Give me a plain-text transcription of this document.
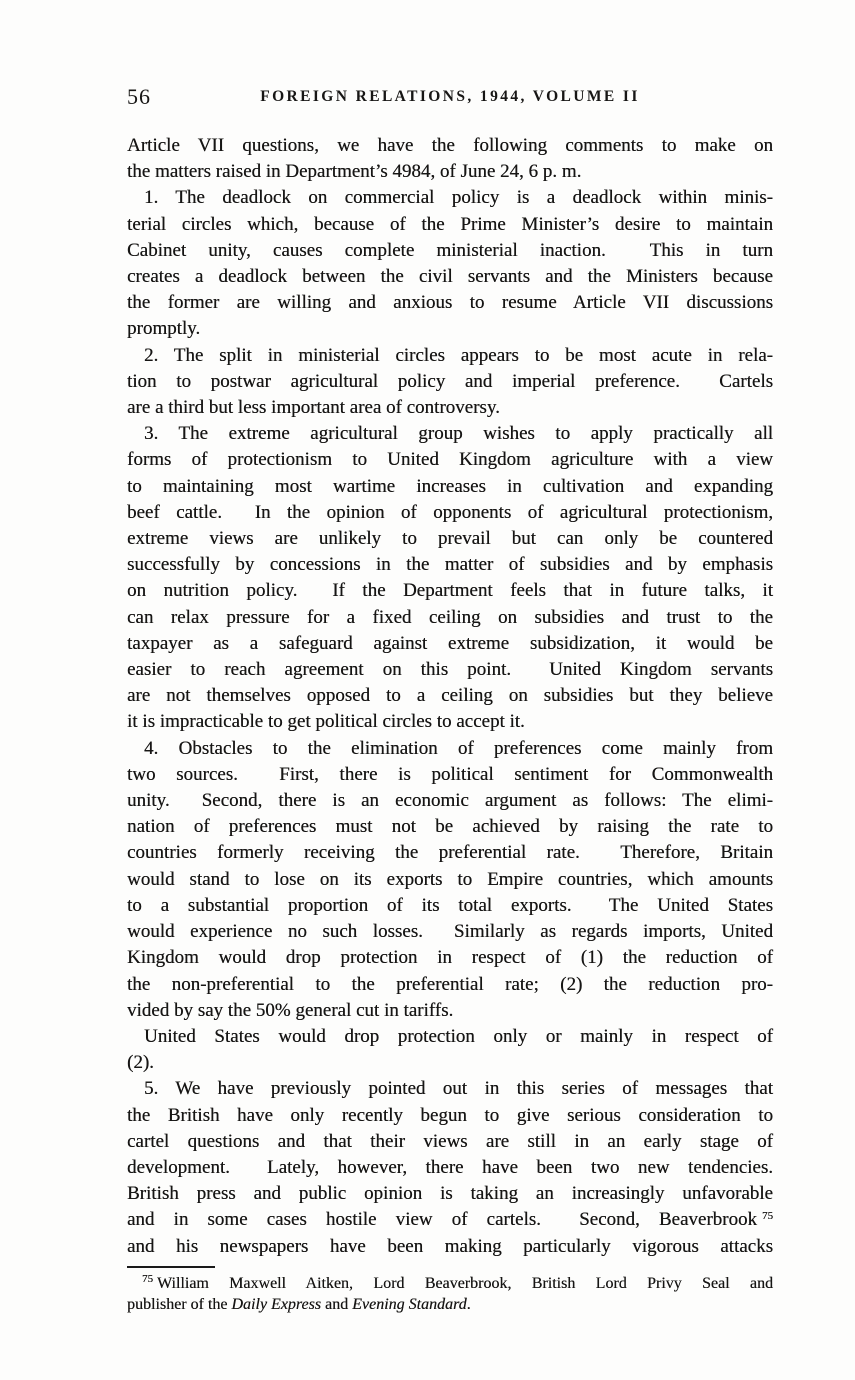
56	FOREIGN RELATIONS, 1944, VOLUME II
Article VII questions, we have the following comments to make on
the matters raised in Department’s 4984, of June 24, 6 p. m.
1. The deadlock on commercial policy is a deadlock within minis-
terial circles which, because of the Prime Minister’s desire to maintain
Cabinet unity, causes complete ministerial inaction.  This in turn
creates a deadlock between the civil servants and the Ministers because
the former are willing and anxious to resume Article VII discussions
promptly.
2. The split in ministerial circles appears to be most acute in rela-
tion to postwar agricultural policy and imperial preference.  Cartels
are a third but less important area of controversy.
3. The extreme agricultural group wishes to apply practically all
forms of protectionism to United Kingdom agriculture with a view
to maintaining most wartime increases in cultivation and expanding
beef cattle.  In the opinion of opponents of agricultural protectionism,
extreme views are unlikely to prevail but can only be countered
successfully by concessions in the matter of subsidies and by emphasis
on nutrition policy.  If the Department feels that in future talks, it
can relax pressure for a fixed ceiling on subsidies and trust to the
taxpayer as a safeguard against extreme subsidization, it would be
easier to reach agreement on this point.  United Kingdom servants
are not themselves opposed to a ceiling on subsidies but they believe
it is impracticable to get political circles to accept it.
4. Obstacles to the elimination of preferences come mainly from
two sources.  First, there is political sentiment for Commonwealth
unity.  Second, there is an economic argument as follows: The elimi-
nation of preferences must not be achieved by raising the rate to
countries formerly receiving the preferential rate.  Therefore, Britain
would stand to lose on its exports to Empire countries, which amounts
to a substantial proportion of its total exports.  The United States
would experience no such losses.  Similarly as regards imports, United
Kingdom would drop protection in respect of (1) the reduction of
the non-preferential to the preferential rate; (2) the reduction pro-
vided by say the 50% general cut in tariffs.
United States would drop protection only or mainly in respect of
(2).
5. We have previously pointed out in this series of messages that
the British have only recently begun to give serious consideration to
cartel questions and that their views are still in an early stage of
development.  Lately, however, there have been two new tendencies.
British press and public opinion is taking an increasingly unfavorable
and in some cases hostile view of cartels.  Second, Beaverbrook $^{75}$
and his newspapers have been making particularly vigorous attacks
$^{75}$ William Maxwell Aitken, Lord Beaverbrook, British Lord Privy Seal and
publisher of the Daily Express and Evening Standard.
